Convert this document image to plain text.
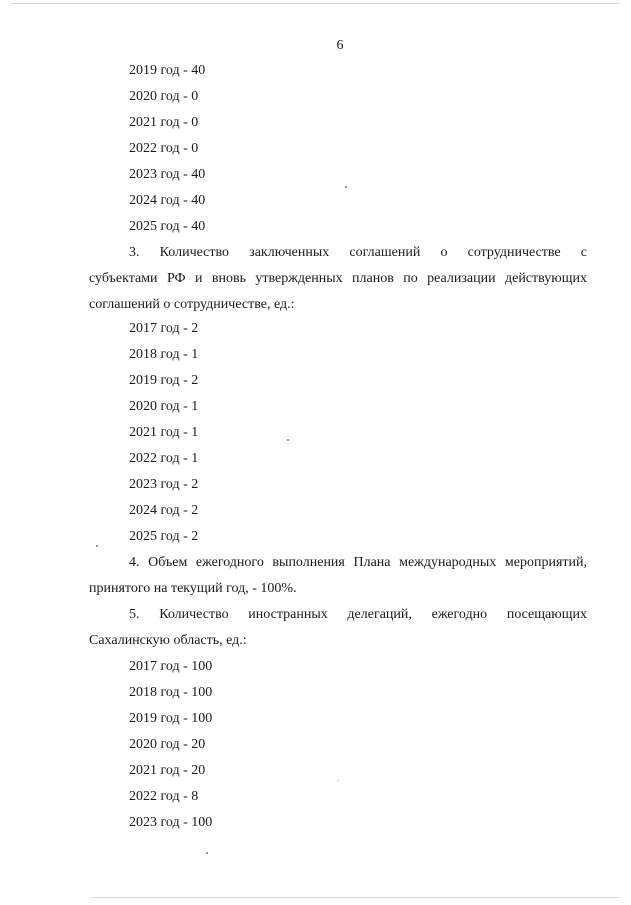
6
2019 год - 40
2020 год - 0
2021 год - 0
2022 год - 0
2023 год - 40
2024 год - 40
2025 год - 40
3. Количество заключенных соглашений о сотрудничестве с
субъектами РФ и вновь утвержденных планов по реализации действующих
соглашений о сотрудничестве, ед.:
2017 год - 2
2018 год - 1
2019 год - 2
2020 год - 1
2021 год - 1
2022 год - 1
2023 год - 2
2024 год - 2
2025 год - 2
4. Объем ежегодного выполнения Плана международных мероприятий,
принятого на текущий год, - 100%.
5. Количество иностранных делегаций, ежегодно посещающих
Сахалинскую область, ед.:
2017 год - 100
2018 год - 100
2019 год - 100
2020 год - 20
2021 год - 20
2022 год - 8
2023 год - 100
